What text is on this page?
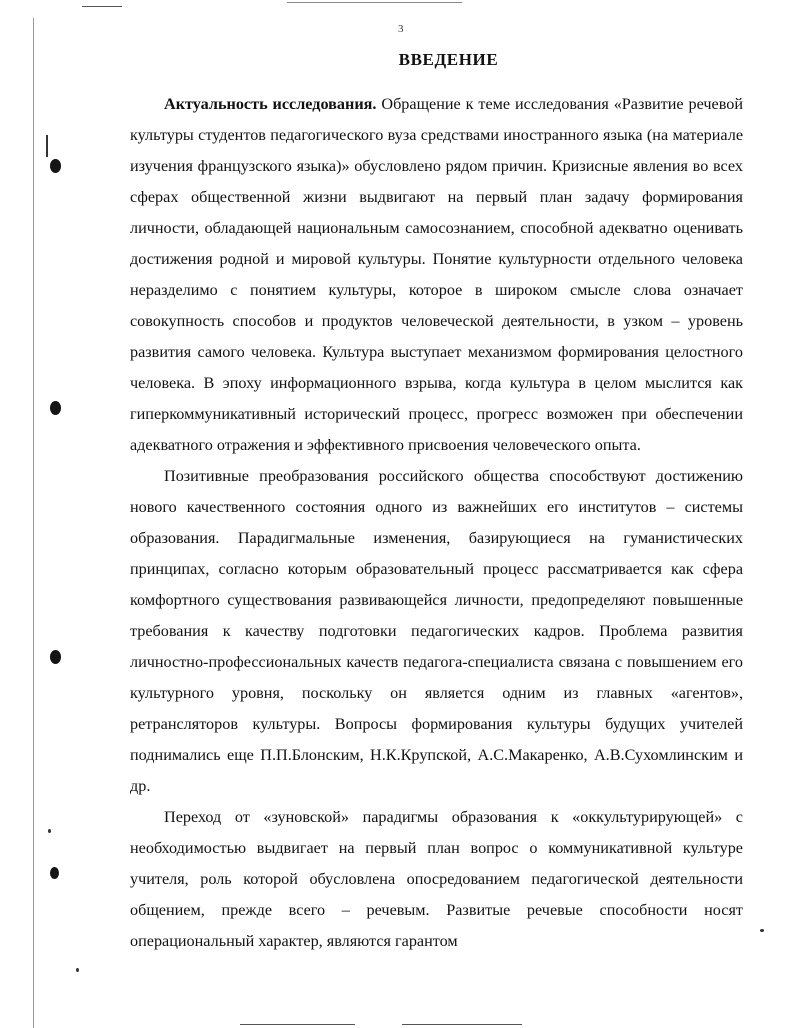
3
ВВЕДЕНИЕ

Актуальность исследования. Обращение к теме исследования «Развитие речевой культуры студентов педагогического вуза средствами иностранного языка (на материале изучения французского языка)» обусловлено рядом причин. Кризисные явления во всех сферах общественной жизни выдвигают на первый план задачу формирования личности, обладающей национальным самосознанием, способной адекватно оценивать достижения родной и мировой культуры. Понятие культурности отдельного человека неразделимо с понятием культуры, которое в широком смысле слова означает совокупность способов и продуктов человеческой деятельности, в узком – уровень развития самого человека. Культура выступает механизмом формирования целостного человека. В эпоху информационного взрыва, когда культура в целом мыслится как гиперкоммуникативный исторический процесс, прогресс возможен при обеспечении адекватного отражения и эффективного присвоения человеческого опыта.

Позитивные преобразования российского общества способствуют достижению нового качественного состояния одного из важнейших его институтов – системы образования. Парадигмальные изменения, базирующиеся на гуманистических принципах, согласно которым образовательный процесс рассматривается как сфера комфортного существования развивающейся личности, предопределяют повышенные требования к качеству подготовки педагогических кадров. Проблема развития личностно-профессиональных качеств педагога-специалиста связана с повышением его культурного уровня, поскольку он является одним из главных «агентов», ретрансляторов культуры. Вопросы формирования культуры будущих учителей поднимались еще П.П.Блонским, Н.К.Крупской, А.С.Макаренко, А.В.Сухомлинским и др.

Переход от «зуновской» парадигмы образования к «оккультурирующей» с необходимостью выдвигает на первый план вопрос о коммуникативной культуре учителя, роль которой обусловлена опосредованием педагогической деятельности общением, прежде всего – речевым. Развитые речевые способности носят операциональный характер, являются гарантом
